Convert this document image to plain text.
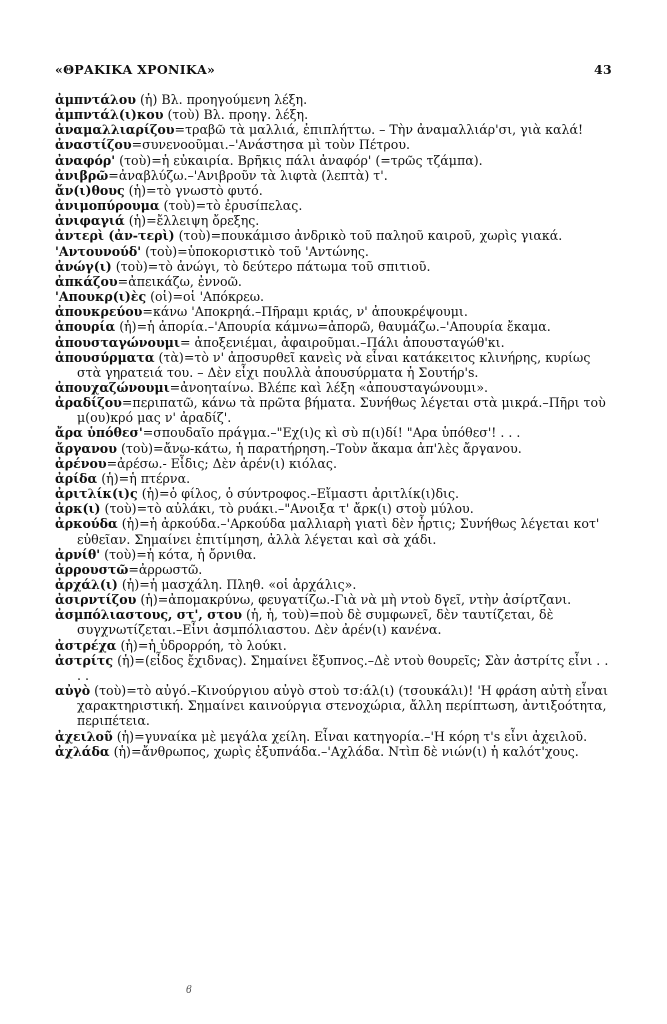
«ΘΡΑΚΙΚΑ ΧΡΟΝΙΚΑ»	43

ἀμπντάλου (ἡ) Βλ. προηγούμενη λέξη.

ἀμπντάλ(ι)κου (τοὺ) Βλ. προηγ. λέξη.

ἀναμαλλιαρίζου=τραβῶ τὰ μαλλιά, ἐπιπλήττω. – Τὴν ἀναμαλλιάρ'σι, γιὰ καλά!

ἀναστίζου=συνενοοῦμαι.–'Ανάστησα μὶ τοὺν Πέτρου.

ἀναφόρ' (τοὺ)=ἡ εὐκαιρία. Βρῆκις πάλι ἀναφόρ' (=τρῶς τζάμπα).

ἀνιβρῶ=ἀναβλύζω.–'Ανιβροῦν τὰ λιφτὰ (λεπτὰ) τ'.

ἄν(ι)θους (ἡ)=τὸ γνωστὸ φυτό.

ἀνιμοπύρουμα (τοὺ)=τὸ ἐρυσίπελας.

ἀνιφαγιά (ἡ)=ἔλλειψη ὄρεξης.

ἀντερὶ (ἀν-τερὶ) (τοὺ)=πουκάμισο ἀνδρικὸ τοῦ παληοῦ καιροῦ, χωρὶς γιακά.

'Αντουνούδ' (τοὺ)=ὑποκοριστικὸ τοῦ 'Αντώνης.

ἀνώγ(ι) (τοὺ)=τὸ ἀνώγι, τὸ δεύτερο πάτωμα τοῦ σπιτιοῦ.

ἀπκάζου=ἀπεικάζω, ἐννοῶ.

'Απουκρ(ι)ὲς (οἱ)=οἱ 'Απόκρεω.

ἀπουκρεύου=κάνω 'Αποκρηά.–Πῆραμι κριάς, ν' ἀπουκρέψουμι.

ἀπουρία (ἡ)=ἡ ἀπορία.–'Απουρία κάμνω=ἀπορῶ, θαυμάζω.–'Απουρία ἔκαμα.

ἀπουσταγώνουμι= ἀποξενιέμαι, ἀφαιροῦμαι.–Πάλι ἀπουσταγώθ'κι.

ἀπουσύρματα (τὰ)=τὸ ν' ἀποσυρθεῖ κανεὶς νὰ εἶναι κατάκειτος κλινήρης, κυρίως στὰ γηρατειά του. – Δὲν εἶχι πουλλὰ ἀπουσύρματα ἡ Σουτήρ's.

ἀπουχαζώνουμι=ἀνοηταίνω. Βλέπε καὶ λέξη «ἀπουσταγώνουμι».

ἀραδίζου=περιπατῶ, κάνω τὰ πρῶτα βήματα. Συνήθως λέγεται στὰ μικρά.–Πῆρι τοὺ μ(ου)κρό μας ν' ἀραδίζ'.

ἄρα ὑπόθεσ'=σπουδαῖο πράγμα.–"Εχ(ι)ς κὶ σὺ π(ι)δί! "Αρα ὑπόθεσ'! . . .

ἄργανου (τοὺ)=ἄνω-κάτω, ἡ παρατήρηση.–Τοὺν ἄκαμα ἀπ'λὲς ἄργανου.

ἀρένου=ἀρέσω.- Εἶδις; Δὲν ἀρέν(ι) κιόλας.

ἀρίδα (ἡ)=ἡ πτέρνα.

ἀριτλίκ(ι)ς (ἡ)=ὁ φίλος, ὁ σύντροφος.–Εἴμαστι ἀριτλίκ(ι)δις.

ἀρκ(ι) (τοὺ)=τὸ αὐλάκι, τὸ ρυάκι.–"Ανοιξα τ' ἄρκ(ι) στοὺ μύλου.

ἀρκούδα (ἡ)=ἡ ἀρκούδα.–'Αρκούδα μαλλιαρὴ γιατὶ δὲν ἦρτις; Συνήθως λέγεται κοτ' εὐθεῖαν. Σημαίνει ἐπιτίμηση, ἀλλὰ λέγεται καὶ σὰ χάδι.

ἀρνίθ' (τοὺ)=ἡ κότα, ἡ ὄρνιθα.

ἀρρουστῶ=ἀρρωστῶ.

ἀρχάλ(ι) (ἡ)=ἡ μασχάλη. Πληθ. «οἱ ἀρχάλις».

ἀσιρντίζου (ἡ)=ἀπομακρύνω, φευγατίζω.-Γιὰ νὰ μὴ ντοὺ δγεῖ, ντὴν ἀσίρτζανι.

ἀσμπόλιαστους, στ', στου (ἡ, ἡ, τοὺ)=ποὺ δὲ συμφωνεῖ, δὲν ταυτίζεται, δὲ συγχνωτίζεται.–Εἶνι ἀσμπόλιαστου. Δὲν ἀρέν(ι) κανένα.

ἀστρέχα (ἡ)=ἡ ὑδρορρόη, τὸ λούκι.

ἀστρίτς (ἡ)=(εἶδος ἔχιδνας). Σημαίνει ἔξυπνος.–Δὲ ντοὺ θουρεῖς; Σὰν ἀστρίτς εἶνι . . . .

αὐγὸ (τοὺ)=τὸ αὐγό.–Κινούργιου αὐγὸ στοὺ τσ:άλ(ι) (τσουκάλι)! 'Η φράση αὐτὴ εἶναι χαρακτηριστική. Σημαίνει καινούργια στενοχώρια, ἄλλη περίπτωση, ἀντιξοότητα, περιπέτεια.

ἀχειλοῦ (ἡ)=γυναίκα μὲ μεγάλα χείλη. Εἶναι κατηγορία.–'Η κόρη τ's εἶνι ἀχειλοῦ.

ἀχλάδα (ἡ)=ἄνθρωπος, χωρὶς ἐξυπνάδα.–'Αχλάδα. Ντὶπ δὲ νιών(ι) ἡ καλότ'χους.

ϐ
